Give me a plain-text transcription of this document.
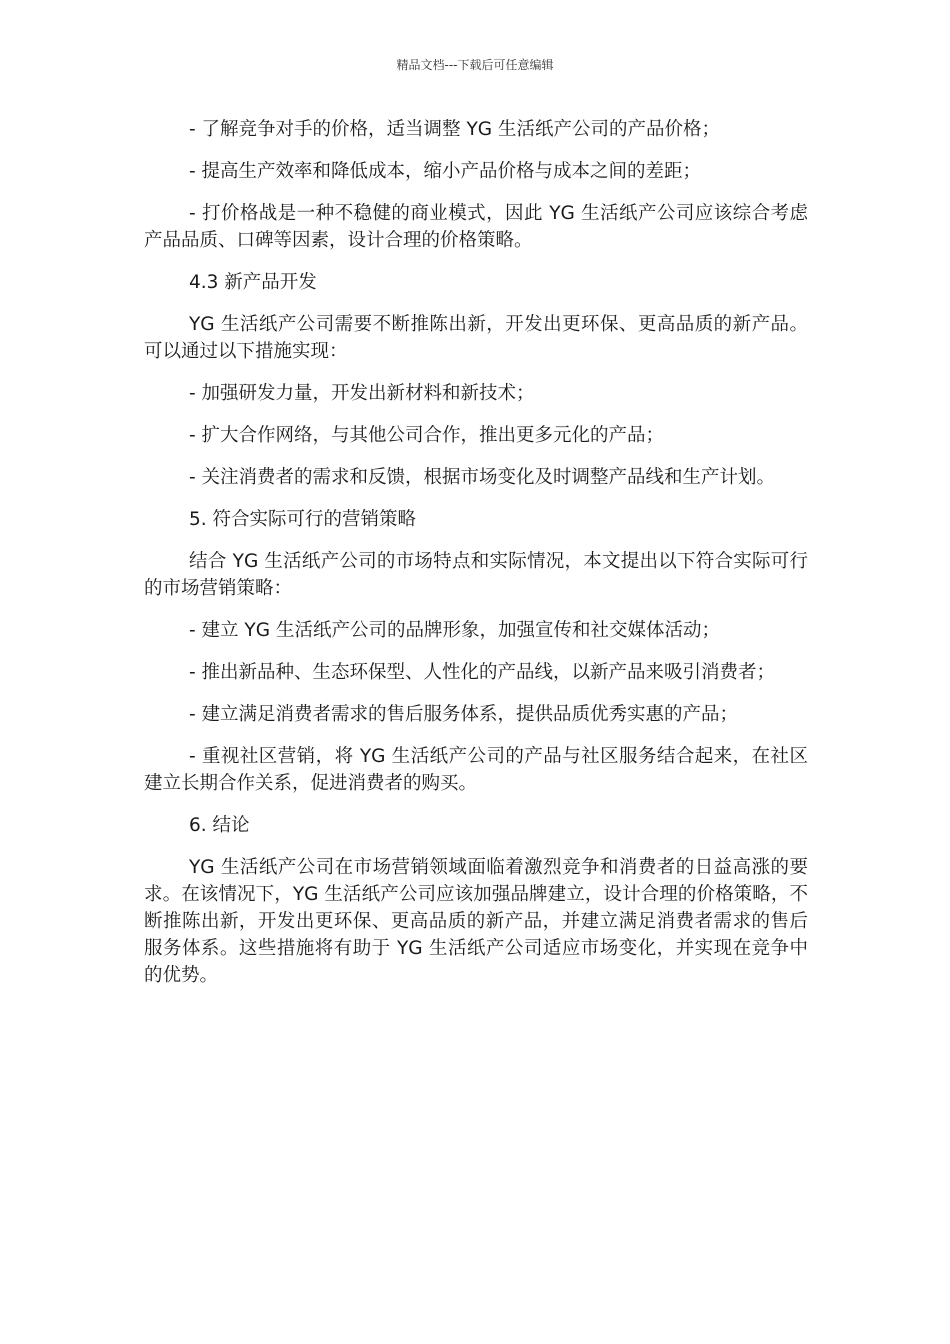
精品文档---下载后可任意编辑

- 了解竞争对手的价格，适当调整 YG 生活纸产公司的产品价格；

- 提高生产效率和降低成本，缩小产品价格与成本之间的差距；

- 打价格战是一种不稳健的商业模式，因此 YG 生活纸产公司应该综合考虑产品品质、口碑等因素，设计合理的价格策略。

4.3 新产品开发

YG 生活纸产公司需要不断推陈出新，开发出更环保、更高品质的新产品。可以通过以下措施实现：

- 加强研发力量，开发出新材料和新技术；

- 扩大合作网络，与其他公司合作，推出更多元化的产品；

- 关注消费者的需求和反馈，根据市场变化及时调整产品线和生产计划。

5. 符合实际可行的营销策略

结合 YG 生活纸产公司的市场特点和实际情况，本文提出以下符合实际可行的市场营销策略：

- 建立 YG 生活纸产公司的品牌形象，加强宣传和社交媒体活动；

- 推出新品种、生态环保型、人性化的产品线，以新产品来吸引消费者；

- 建立满足消费者需求的售后服务体系，提供品质优秀实惠的产品；

- 重视社区营销，将 YG 生活纸产公司的产品与社区服务结合起来，在社区建立长期合作关系，促进消费者的购买。

6. 结论

YG 生活纸产公司在市场营销领域面临着激烈竞争和消费者的日益高涨的要求。在该情况下，YG 生活纸产公司应该加强品牌建立，设计合理的价格策略，不断推陈出新，开发出更环保、更高品质的新产品，并建立满足消费者需求的售后服务体系。这些措施将有助于 YG 生活纸产公司适应市场变化，并实现在竞争中的优势。
